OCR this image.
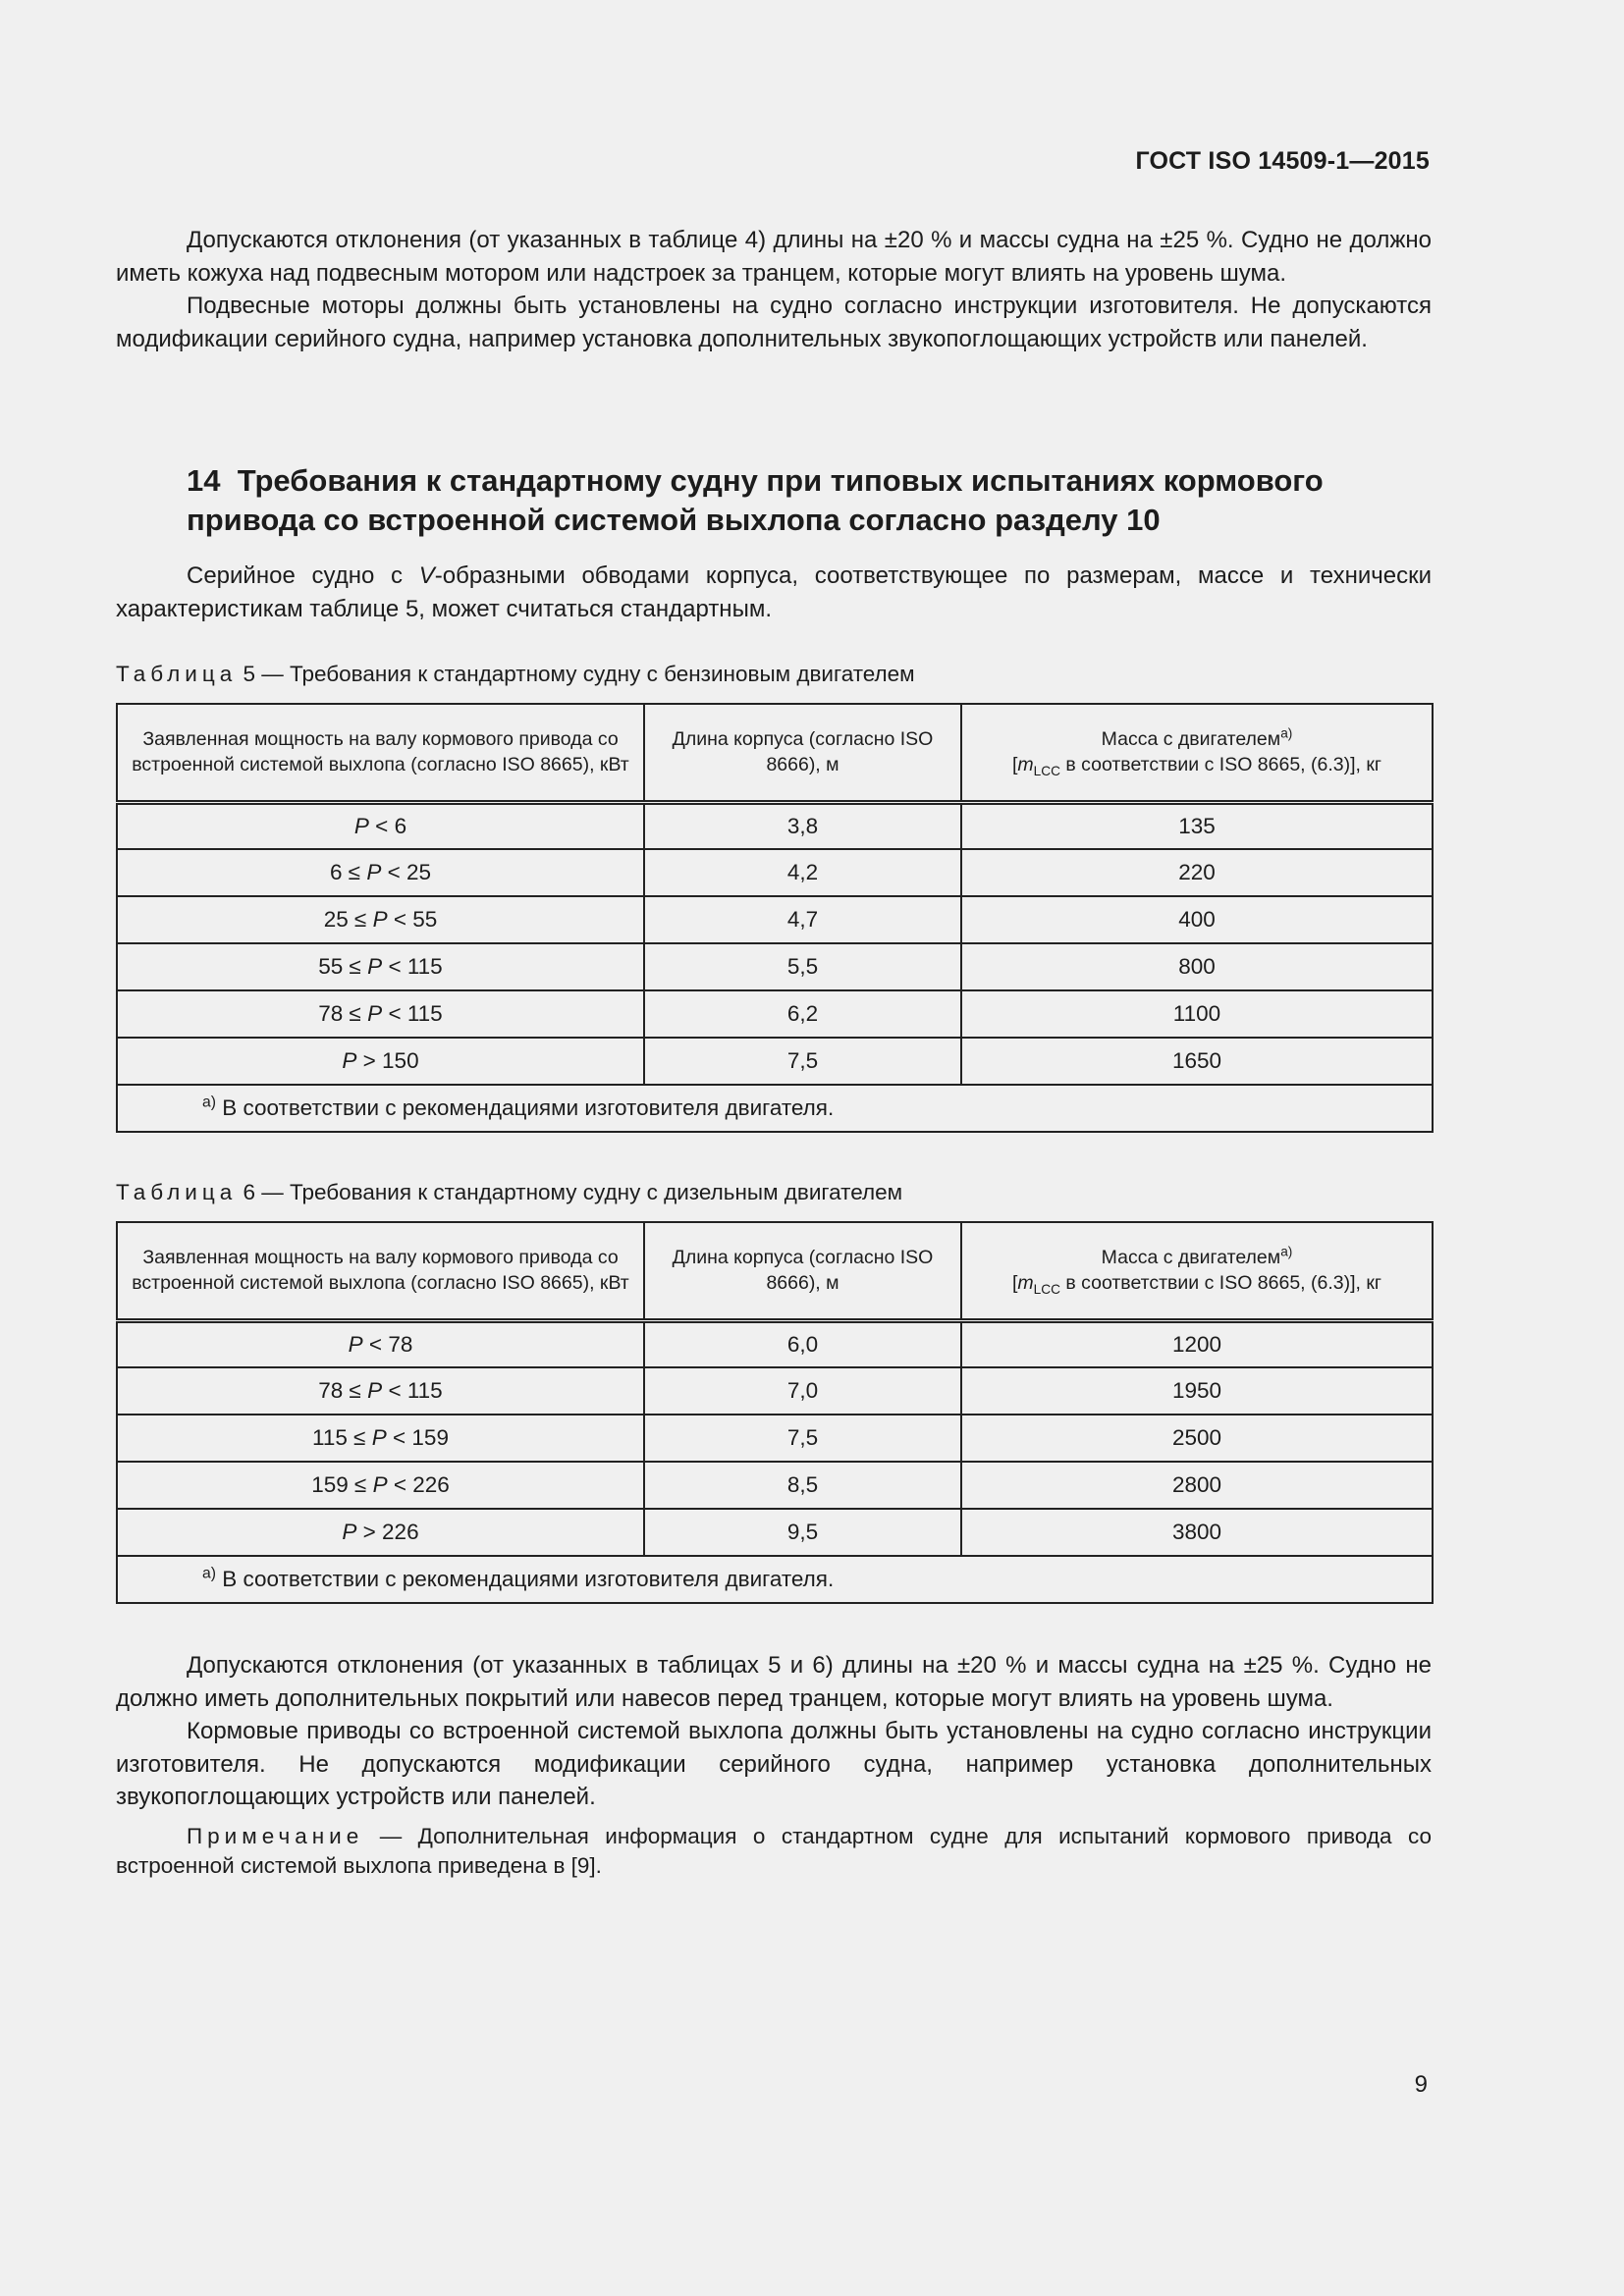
ГОСТ ISO 14509-1—2015

Допускаются отклонения (от указанных в таблице 4) длины на ±20 % и массы судна на ±25 %. Судно не должно иметь кожуха над подвесным мотором или надстроек за транцем, которые могут влиять на уровень шума.

Подвесные моторы должны быть установлены на судно согласно инструкции изготовителя. Не допускаются модификации серийного судна, например установка дополнительных звукопоглощающих устройств или панелей.

14 Требования к стандартному судну при типовых испытаниях кормового
привода со встроенной системой выхлопа согласно разделу 10

Серийное судно с V-образными обводами корпуса, соответствующее по размерам, массе и технически характеристикам таблице 5, может считаться стандартным.

Таблица 5 — Требования к стандартному судну с бензиновым двигателем
Заявленная мощность на валу кормового привода со встроенной системой выхлопа (согласно ISO 8665), кВт	Длина корпуса (согласно ISO 8666), м	Масса с двигателем$^{a)}$
[$m_{LCC}$ в соответствии с ISO 8665, (6.3)], кг
P < 6	3,8	135
6 ≤ P < 25	4,2	220
25 ≤ P < 55	4,7	400
55 ≤ P < 115	5,5	800
78 ≤ P < 115	6,2	1100
P > 150	7,5	1650
$^{a)}$ В соответствии с рекомендациями изготовителя двигателя.		
Таблица 6 — Требования к стандартному судну с дизельным двигателем
Заявленная мощность на валу кормового привода со встроенной системой выхлопа (согласно ISO 8665), кВт	Длина корпуса (согласно ISO 8666), м	Масса с двигателем$^{a)}$
[$m_{LCC}$ в соответствии с ISO 8665, (6.3)], кг
P < 78	6,0	1200
78 ≤ P < 115	7,0	1950
115 ≤ P < 159	7,5	2500
159 ≤ P < 226	8,5	2800
P > 226	9,5	3800
$^{a)}$ В соответствии с рекомендациями изготовителя двигателя.		

Допускаются отклонения (от указанных в таблицах 5 и 6) длины на ±20 % и массы судна на ±25 %. Судно не должно иметь дополнительных покрытий или навесов перед транцем, которые могут влиять на уровень шума.

Кормовые приводы со встроенной системой выхлопа должны быть установлены на судно согласно инструкции изготовителя. Не допускаются модификации серийного судна, например установка дополнительных звукопоглощающих устройств или панелей.

Примечание — Дополнительная информация о стандартном судне для испытаний кормового привода со встроенной системой выхлопа приведена в [9].

9
